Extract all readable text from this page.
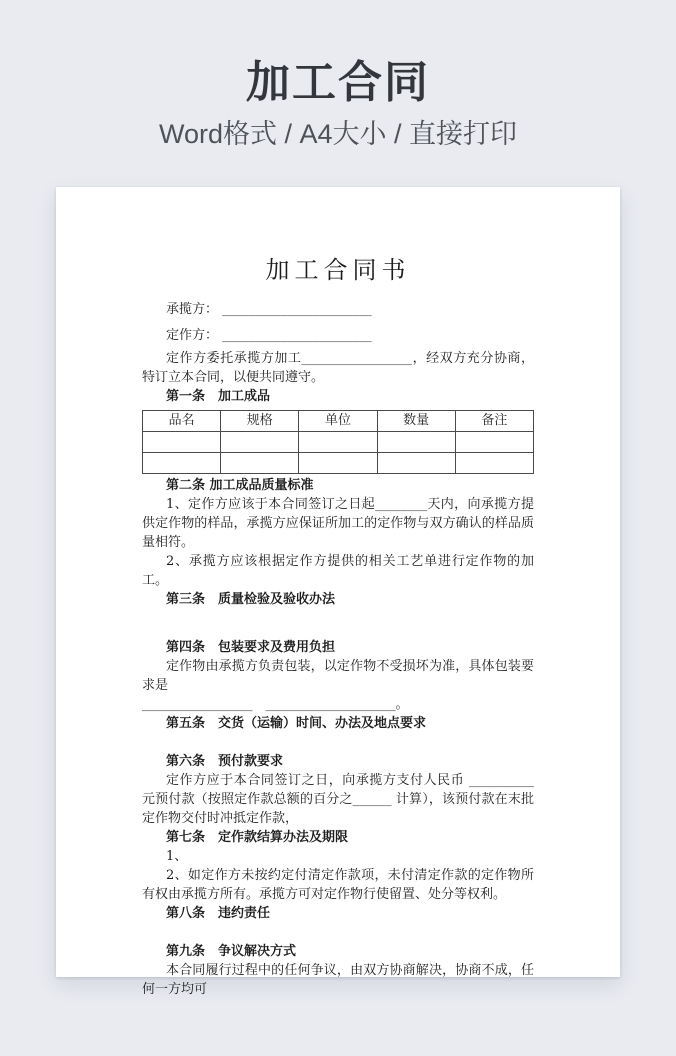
加工合同
Word格式 / A4大小 / 直接打印
加工合同书
承揽方： _______________________
定作方： _______________________

定作方委托承揽方加工_________________，经双方充分协商，特订立本合同，以便共同遵守。

第一条　加工成品
品名	规格	单位	数量	备注

第二条 加工成品质量标准

1、定作方应该于本合同签订之日起________天内，向承揽方提供定作物的样品，承揽方应保证所加工的定作物与双方确认的样品质量相符。

2、承揽方应该根据定作方提供的相关工艺单进行定作物的加工。

第三条　质量检验及验收办法
第四条　包装要求及费用负担

定作物由承揽方负责包装，以定作物不受损坏为准，具体包装要求是

_________________　____________________。

第五条　交货（运输）时间、办法及地点要求
第六条　预付款要求

定作方应于本合同签订之日，向承揽方支付人民币 __________元预付款（按照定作款总额的百分之______ 计算），该预付款在末批定作物交付时冲抵定作款，

第七条　定作款结算办法及期限

1、

2、如定作方未按约定付清定作款项，未付清定作款的定作物所有权由承揽方所有。承揽方可对定作物行使留置、处分等权利。

第八条　违约责任
第九条　争议解决方式

本合同履行过程中的任何争议，由双方协商解决，协商不成，任何一方均可
